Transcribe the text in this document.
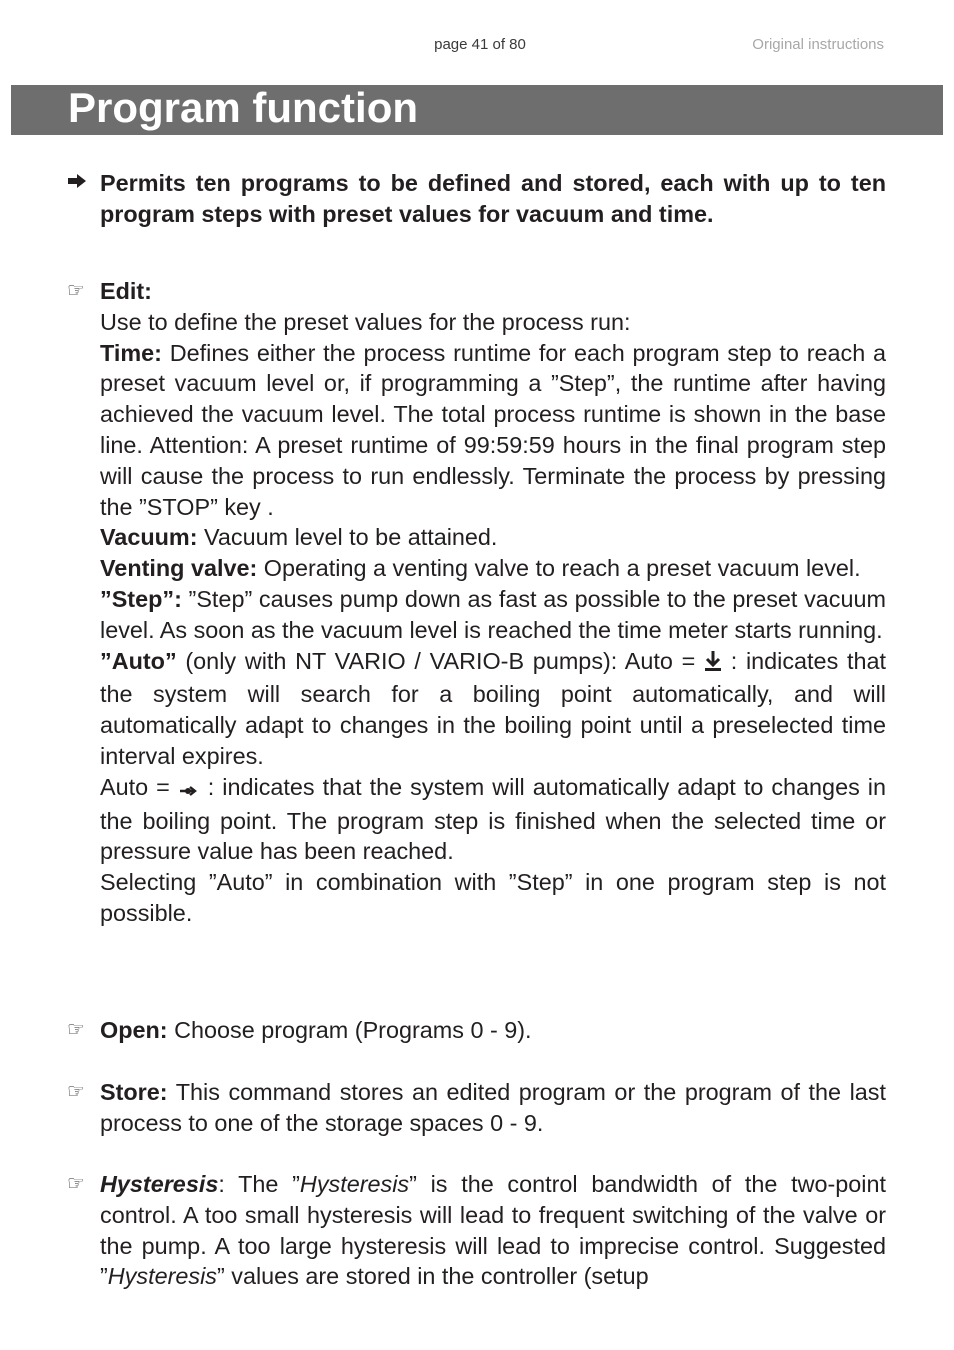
page 41 of 80	Original instructions
Program function
Permits ten programs to be defined and stored, each with up to ten program steps with preset values for vacuum and time.
☞ Edit:
Use to define the preset values for the process run:
Time: Defines either the process runtime for each program step to reach a preset vacuum level or, if programming a ”Step”, the runtime after having achieved the vacuum level. The total process runtime is shown in the base line. Attention: A preset runtime of 99:59:59 hours in the final program step will cause the process to run endlessly. Terminate the process by pressing the ”STOP” key .
Vacuum: Vacuum level to be attained.
Venting valve: Operating a venting valve to reach a preset vacuum level.
”Step”: ”Step” causes pump down as fast as possible to the preset vacuum level. As soon as the vacuum level is reached the time meter starts running.
”Auto” (only with NT VARIO / VARIO-B pumps): Auto =  : indicates that the system will search for a boiling point automatically, and will automatically adapt to changes in the boiling point until a preselected time interval expires.
Auto =  : indicates that the system will automatically adapt to changes in the boiling point. The program step is finished when the selected time or pressure value has been reached.
Selecting ”Auto” in combination with ”Step” in one program step is not possible.
☞ Open: Choose program (Programs 0 - 9).
☞ Store: This command stores an edited program or the program of the last process to one of the storage spaces 0 - 9.
☞ Hysteresis: The ”Hysteresis” is the control bandwidth of the two-point control. A too small hysteresis will lead to frequent switching of the valve or the pump. A too large hysteresis will lead to imprecise control. Suggested ”Hysteresis” values are stored in the controller (setup
